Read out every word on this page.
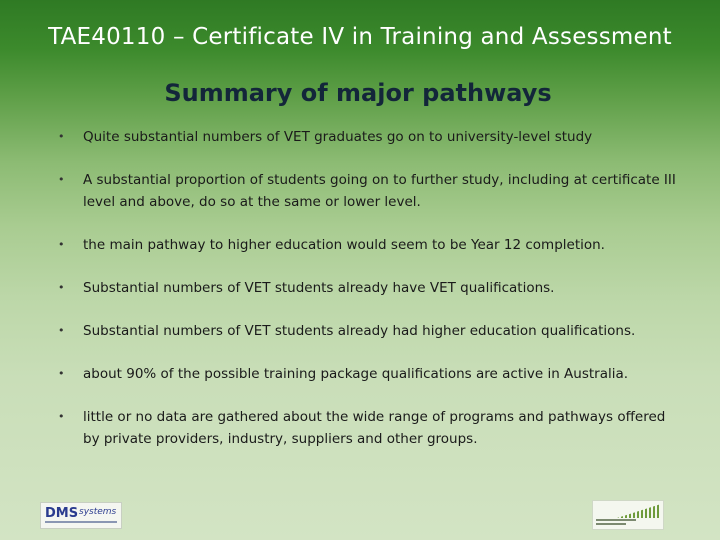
TAE40110 – Certificate IV in Training and Assessment
Summary of major pathways
• Quite substantial numbers of VET graduates go on to university-level study
• A substantial proportion of students going on to further study, including at certificate III level and above, do so at the same or lower level.
• the main pathway to higher education would seem to be Year 12 completion.
• Substantial numbers of VET students already have VET qualifications.
• Substantial numbers of VET students already had higher education qualifications.
• about 90% of the possible training package qualifications are active in Australia.
• little or no data are gathered about the wide range of programs and pathways offered by private providers, industry, suppliers and other groups.
DMS systems
